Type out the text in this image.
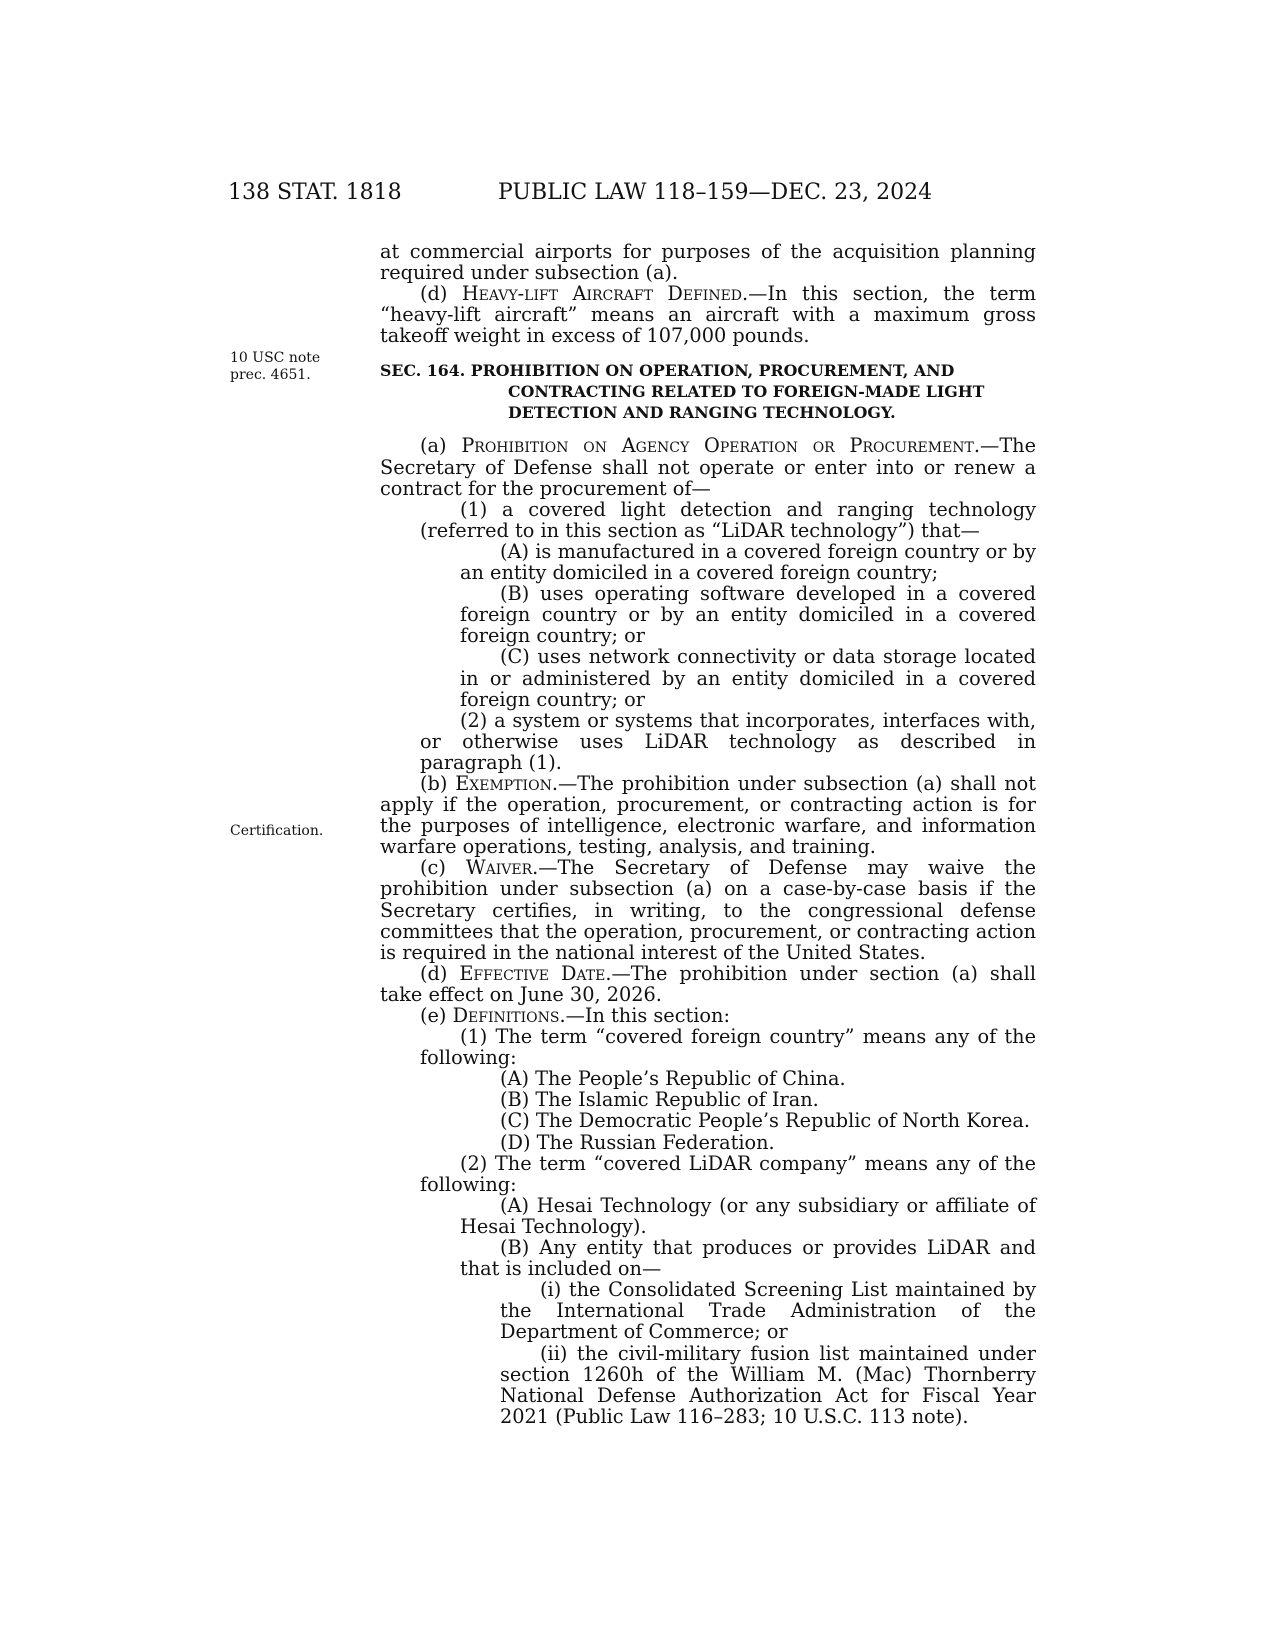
138 STAT. 1818	PUBLIC LAW 118–159—DEC. 23, 2024
10 USC note
prec. 4651.
Certification.

at commercial airports for purposes of the acquisition planning required under subsection (a).

(d) Heavy-lift Aircraft Defined.—In this section, the term “heavy-lift aircraft” means an aircraft with a maximum gross takeoff weight in excess of 107,000 pounds.

SEC. 164. PROHIBITION ON OPERATION, PROCUREMENT, AND CONTRACTING RELATED TO FOREIGN-MADE LIGHT DETECTION AND RANGING TECHNOLOGY.

(a) Prohibition on Agency Operation or Procurement.—The Secretary of Defense shall not operate or enter into or renew a contract for the procurement of—

(1) a covered light detection and ranging technology (referred to in this section as “LiDAR technology”) that—

(A) is manufactured in a covered foreign country or by an entity domiciled in a covered foreign country;

(B) uses operating software developed in a covered foreign country or by an entity domiciled in a covered foreign country; or

(C) uses network connectivity or data storage located in or administered by an entity domiciled in a covered foreign country; or

(2) a system or systems that incorporates, interfaces with, or otherwise uses LiDAR technology as described in paragraph (1).

(b) Exemption.—The prohibition under subsection (a) shall not apply if the operation, procurement, or contracting action is for the purposes of intelligence, electronic warfare, and information warfare operations, testing, analysis, and training.

(c) Waiver.—The Secretary of Defense may waive the prohibition under subsection (a) on a case-by-case basis if the Secretary certifies, in writing, to the congressional defense committees that the operation, procurement, or contracting action is required in the national interest of the United States.

(d) Effective Date.—The prohibition under section (a) shall take effect on June 30, 2026.

(e) Definitions.—In this section:

(1) The term “covered foreign country” means any of the following:

(A) The People’s Republic of China.

(B) The Islamic Republic of Iran.

(C) The Democratic People’s Republic of North Korea.

(D) The Russian Federation.

(2) The term “covered LiDAR company” means any of the following:

(A) Hesai Technology (or any subsidiary or affiliate of Hesai Technology).

(B) Any entity that produces or provides LiDAR and that is included on—

(i) the Consolidated Screening List maintained by the International Trade Administration of the Department of Commerce; or

(ii) the civil-military fusion list maintained under section 1260h of the William M. (Mac) Thornberry National Defense Authorization Act for Fiscal Year 2021 (Public Law 116–283; 10 U.S.C. 113 note).
